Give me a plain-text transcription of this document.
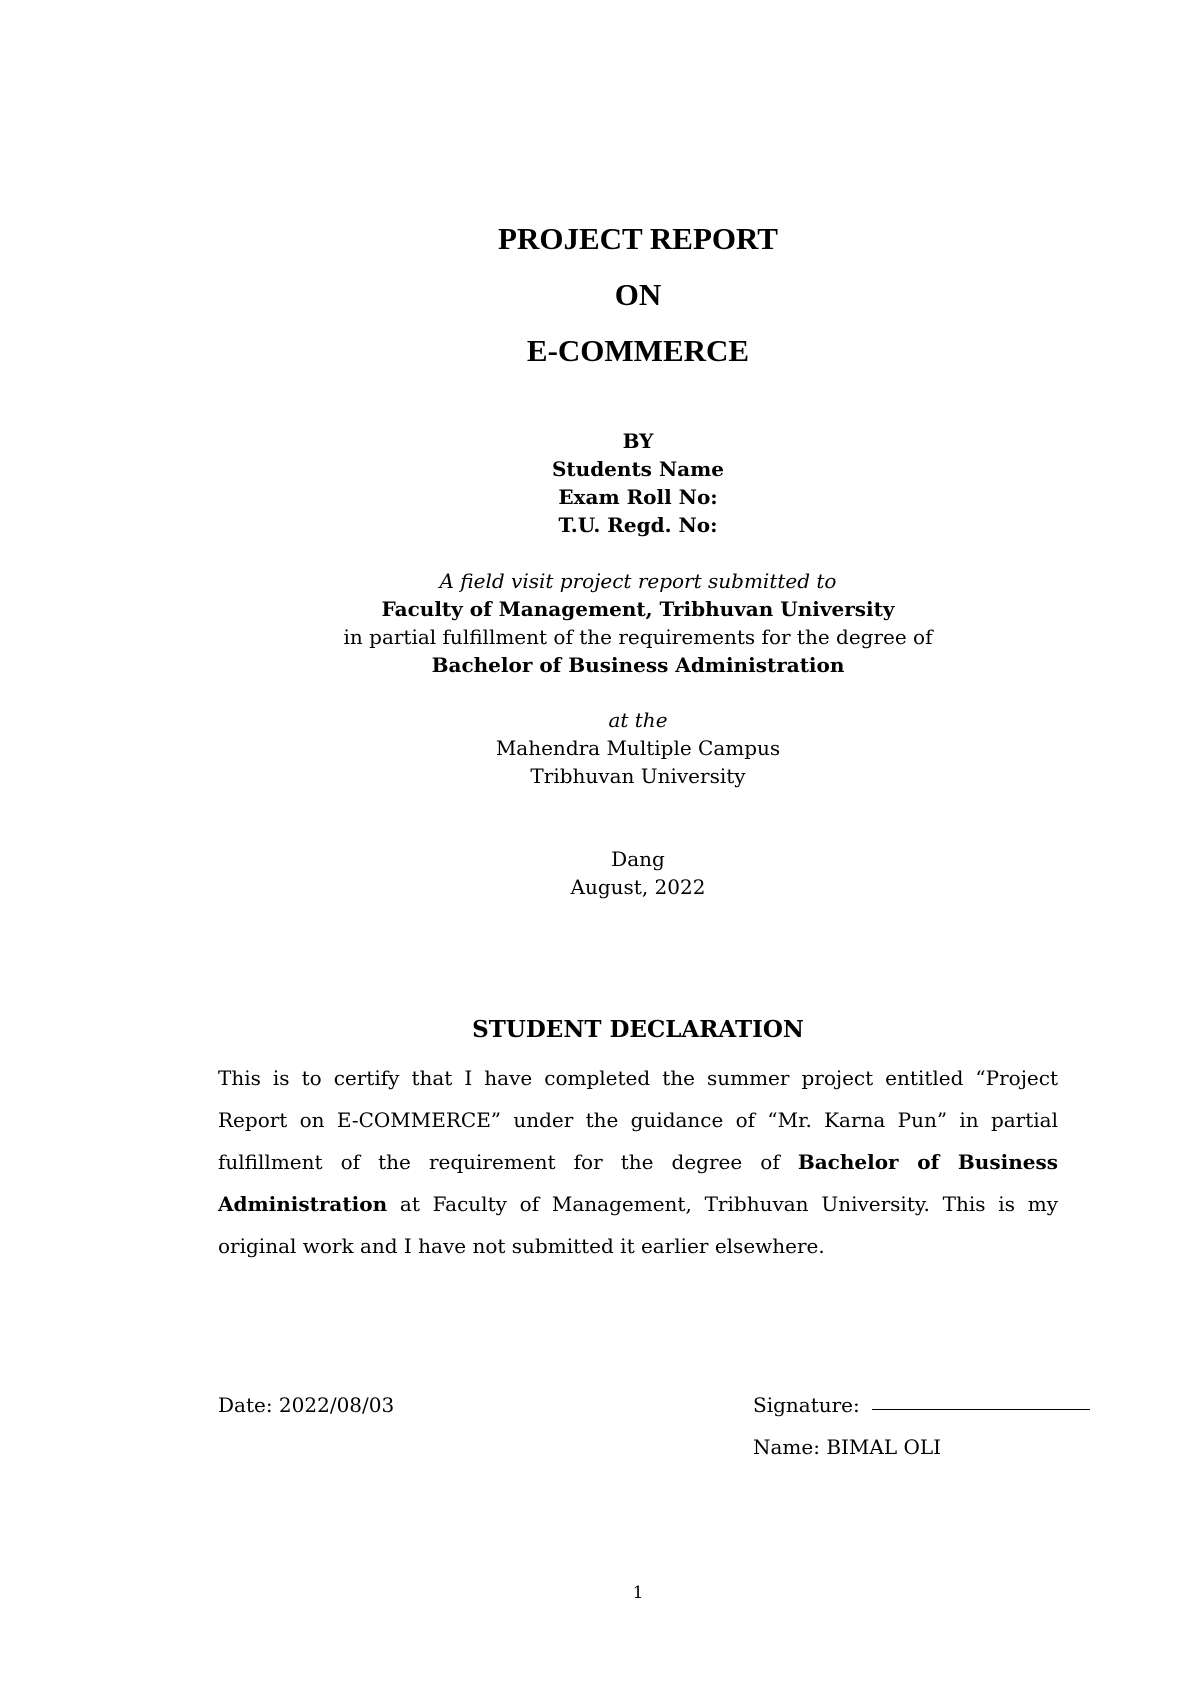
PROJECT REPORT
ON
E-COMMERCE
BY
Students Name
Exam Roll No:
T.U. Regd. No:
A field visit project report submitted to
Faculty of Management, Tribhuvan University
in partial fulfillment of the requirements for the degree of
Bachelor of Business Administration
at the
Mahendra Multiple Campus
Tribhuvan University
Dang
August, 2022
STUDENT DECLARATION
This is to certify that I have completed the summer project entitled “Project Report on E-COMMERCE” under the guidance of “Mr. Karna Pun” in partial fulfillment of the requirement for the degree of Bachelor of Business Administration at Faculty of Management, Tribhuvan University. This is my original work and I have not submitted it earlier elsewhere.
Date: 2022/08/03	Signature:
Name: BIMAL OLI
1
